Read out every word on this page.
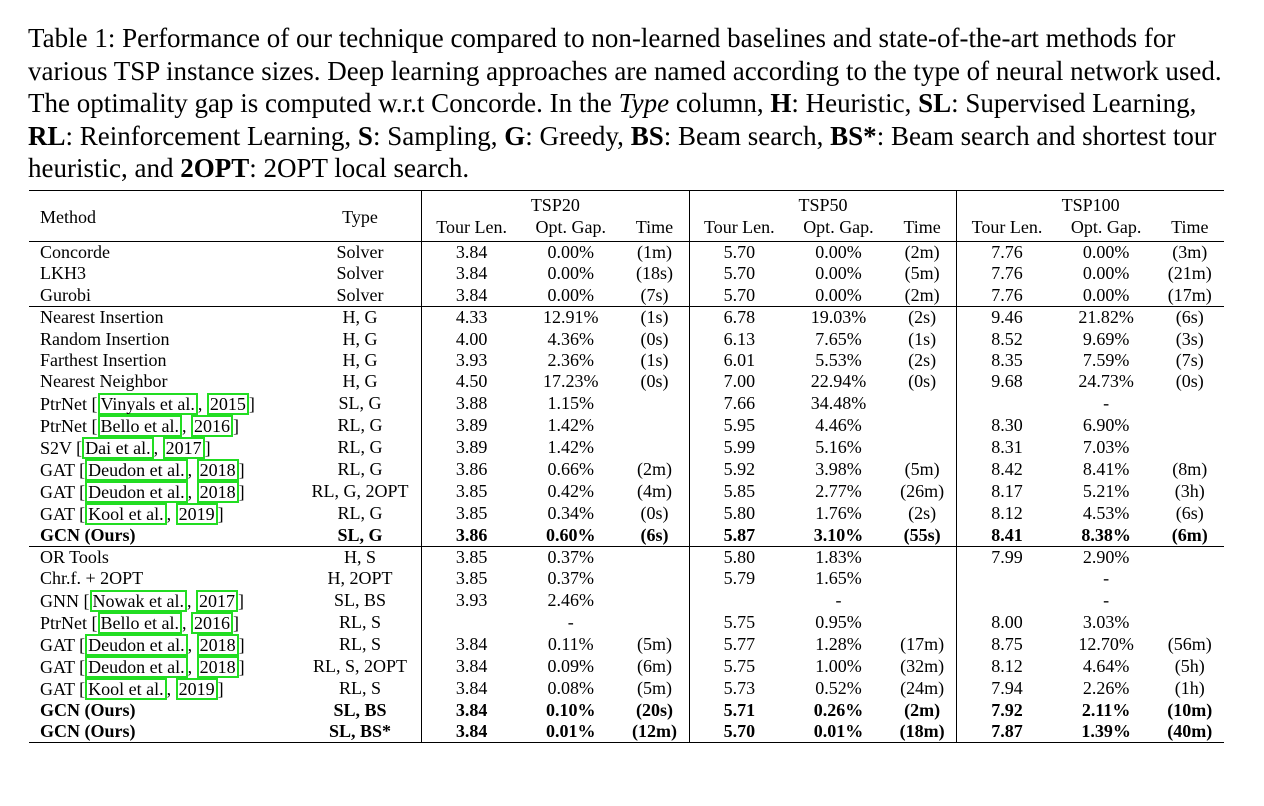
Table 1: Performance of our technique compared to non-learned baselines and state-of-the-art methods for various TSP instance sizes. Deep learning approaches are named according to the type of neural network used. The optimality gap is computed w.r.t Concorde. In the Type column, H: Heuristic, SL: Supervised Learning, RL: Reinforcement Learning, S: Sampling, G: Greedy, BS: Beam search, BS*: Beam search and shortest tour heuristic, and 2OPT: 2OPT local search.
Method	Type	TSP20			TSP50			TSP100		
		Tour Len.	Opt. Gap.	Time	Tour Len.	Opt. Gap.	Time	Tour Len.	Opt. Gap.	Time
Concorde	Solver	3.84	0.00%	(1m)	5.70	0.00%	(2m)	7.76	0.00%	(3m)
LKH3	Solver	3.84	0.00%	(18s)	5.70	0.00%	(5m)	7.76	0.00%	(21m)
Gurobi	Solver	3.84	0.00%	(7s)	5.70	0.00%	(2m)	7.76	0.00%	(17m)
Nearest Insertion	H, G	4.33	12.91%	(1s)	6.78	19.03%	(2s)	9.46	21.82%	(6s)
Random Insertion	H, G	4.00	4.36%	(0s)	6.13	7.65%	(1s)	8.52	9.69%	(3s)
Farthest Insertion	H, G	3.93	2.36%	(1s)	6.01	5.53%	(2s)	8.35	7.59%	(7s)
Nearest Neighbor	H, G	4.50	17.23%	(0s)	7.00	22.94%	(0s)	9.68	24.73%	(0s)
PtrNet [ Vinyals et al. , 2015 ]	SL, G	3.88	1.15%		7.66	34.48%			-	
PtrNet [ Bello et al. , 2016 ]	RL, G	3.89	1.42%		5.95	4.46%		8.30	6.90%	
S2V [ Dai et al. , 2017 ]	RL, G	3.89	1.42%		5.99	5.16%		8.31	7.03%	
GAT [ Deudon et al. , 2018 ]	RL, G	3.86	0.66%	(2m)	5.92	3.98%	(5m)	8.42	8.41%	(8m)
GAT [ Deudon et al. , 2018 ]	RL, G, 2OPT	3.85	0.42%	(4m)	5.85	2.77%	(26m)	8.17	5.21%	(3h)
GAT [ Kool et al. , 2019 ]	RL, G	3.85	0.34%	(0s)	5.80	1.76%	(2s)	8.12	4.53%	(6s)
GCN (Ours)	SL, G	3.86	0.60%	(6s)	5.87	3.10%	(55s)	8.41	8.38%	(6m)
OR Tools	H, S	3.85	0.37%		5.80	1.83%		7.99	2.90%	
Chr.f. + 2OPT	H, 2OPT	3.85	0.37%		5.79	1.65%			-	
GNN [ Nowak et al. , 2017 ]	SL, BS	3.93	2.46%			-			-	
PtrNet [ Bello et al. , 2016 ]	RL, S		-		5.75	0.95%		8.00	3.03%	
GAT [ Deudon et al. , 2018 ]	RL, S	3.84	0.11%	(5m)	5.77	1.28%	(17m)	8.75	12.70%	(56m)
GAT [ Deudon et al. , 2018 ]	RL, S, 2OPT	3.84	0.09%	(6m)	5.75	1.00%	(32m)	8.12	4.64%	(5h)
GAT [ Kool et al. , 2019 ]	RL, S	3.84	0.08%	(5m)	5.73	0.52%	(24m)	7.94	2.26%	(1h)
GCN (Ours)	SL, BS	3.84	0.10%	(20s)	5.71	0.26%	(2m)	7.92	2.11%	(10m)
GCN (Ours)	SL, BS*	3.84	0.01%	(12m)	5.70	0.01%	(18m)	7.87	1.39%	(40m)
